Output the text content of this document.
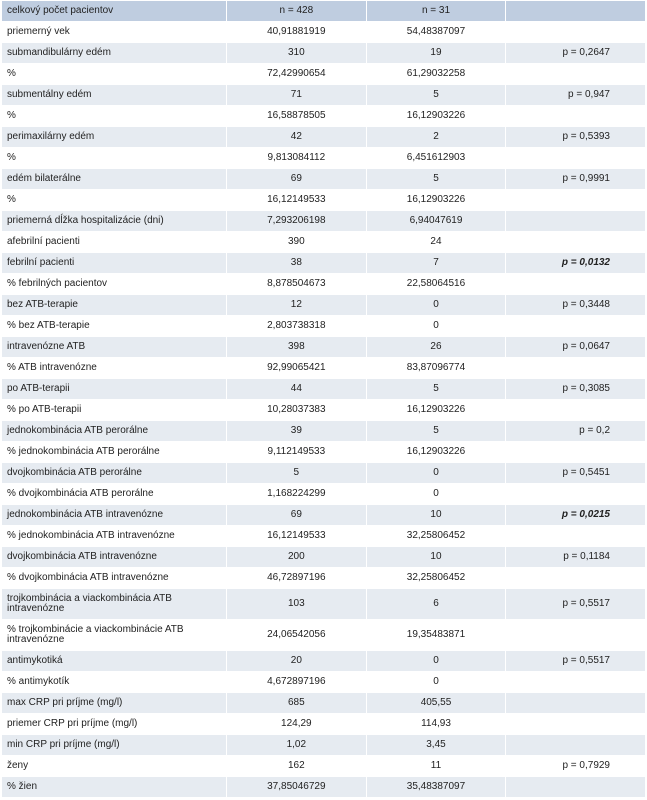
celkový počet pacientov	n = 428	n = 31	
priemerný vek	40,91881919	54,48387097	
submandibulárny edém	310	19	p = 0,2647
%	72,42990654	61,29032258	
submentálny edém	71	5	p = 0,947
%	16,58878505	16,12903226	
perimaxilárny edém	42	2	p = 0,5393
%	9,813084112	6,451612903	
edém bilaterálne	69	5	p = 0,9991
%	16,12149533	16,12903226	
priemerná dĺžka hospitalizácie (dni)	7,293206198	6,94047619	
afebrilní pacienti	390	24	
febrilní pacienti	38	7	p = 0,0132
% febrilných pacientov	8,878504673	22,58064516	
bez ATB-terapie	12	0	p = 0,3448
% bez ATB-terapie	2,803738318	0	
intravenózne ATB	398	26	p = 0,0647
% ATB intravenózne	92,99065421	83,87096774	
po ATB-terapii	44	5	p = 0,3085
% po ATB-terapii	10,28037383	16,12903226	
jednokombinácia ATB perorálne	39	5	p = 0,2
% jednokombinácia ATB perorálne	9,112149533	16,12903226	
dvojkombinácia ATB perorálne	5	0	p = 0,5451
% dvojkombinácia ATB perorálne	1,168224299	0	
jednokombinácia ATB intravenózne	69	10	p = 0,0215
% jednokombinácia ATB intravenózne	16,12149533	32,25806452	
dvojkombinácia ATB intravenózne	200	10	p = 0,1184
% dvojkombinácia ATB intravenózne	46,72897196	32,25806452	
trojkombinácia a viackombinácia ATB intravenózne	103	6	p = 0,5517
% trojkombinácie a viackombinácie ATB intravenózne	24,06542056	19,35483871	
antimykotiká	20	0	p = 0,5517
% antimykotík	4,672897196	0	
max CRP pri príjme (mg/l)	685	405,55	
priemer CRP pri príjme (mg/l)	124,29	114,93	
min CRP pri príjme (mg/l)	1,02	3,45	
ženy	162	11	p = 0,7929
% žien	37,85046729	35,48387097	
